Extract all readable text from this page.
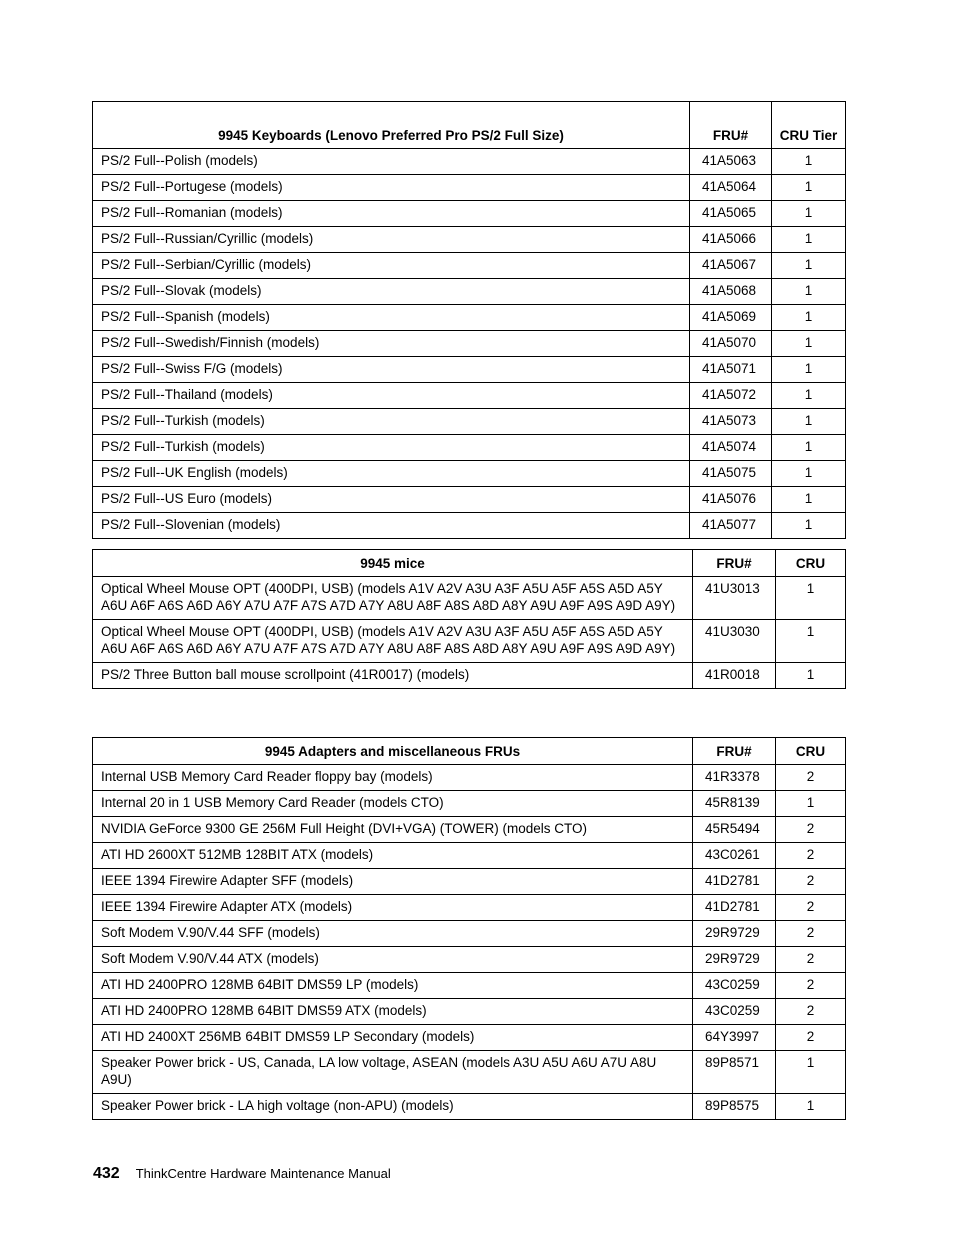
9945 Keyboards (Lenovo Preferred Pro PS/2 Full Size)	FRU#	CRU Tier
PS/2 Full--Polish (models)	41A5063	1
PS/2 Full--Portugese (models)	41A5064	1
PS/2 Full--Romanian (models)	41A5065	1
PS/2 Full--Russian/Cyrillic (models)	41A5066	1
PS/2 Full--Serbian/Cyrillic (models)	41A5067	1
PS/2 Full--Slovak (models)	41A5068	1
PS/2 Full--Spanish (models)	41A5069	1
PS/2 Full--Swedish/Finnish (models)	41A5070	1
PS/2 Full--Swiss F/G (models)	41A5071	1
PS/2 Full--Thailand (models)	41A5072	1
PS/2 Full--Turkish (models)	41A5073	1
PS/2 Full--Turkish (models)	41A5074	1
PS/2 Full--UK English (models)	41A5075	1
PS/2 Full--US Euro (models)	41A5076	1
PS/2 Full--Slovenian (models)	41A5077	1
9945 mice	FRU#	CRU
Optical Wheel Mouse OPT (400DPI, USB) (models A1V A2V A3U A3F A5U A5F A5S A5D A5Y A6U A6F A6S A6D A6Y A7U A7F A7S A7D A7Y A8U A8F A8S A8D A8Y A9U A9F A9S A9D A9Y)	41U3013	1
Optical Wheel Mouse OPT (400DPI, USB) (models A1V A2V A3U A3F A5U A5F A5S A5D A5Y A6U A6F A6S A6D A6Y A7U A7F A7S A7D A7Y A8U A8F A8S A8D A8Y A9U A9F A9S A9D A9Y)	41U3030	1
PS/2 Three Button ball mouse scrollpoint (41R0017) (models)	41R0018	1
9945 Adapters and miscellaneous FRUs	FRU#	CRU
Internal USB Memory Card Reader floppy bay (models)	41R3378	2
Internal 20 in 1 USB Memory Card Reader (models CTO)	45R8139	1
NVIDIA GeForce 9300 GE 256M Full Height (DVI+VGA) (TOWER) (models CTO)	45R5494	2
ATI HD 2600XT 512MB 128BIT ATX (models)	43C0261	2
IEEE 1394 Firewire Adapter SFF (models)	41D2781	2
IEEE 1394 Firewire Adapter ATX (models)	41D2781	2
Soft Modem V.90/V.44 SFF (models)	29R9729	2
Soft Modem V.90/V.44 ATX (models)	29R9729	2
ATI HD 2400PRO 128MB 64BIT DMS59 LP (models)	43C0259	2
ATI HD 2400PRO 128MB 64BIT DMS59 ATX (models)	43C0259	2
ATI HD 2400XT 256MB 64BIT DMS59 LP Secondary (models)	64Y3997	2
Speaker Power brick - US, Canada, LA low voltage, ASEAN (models A3U A5U A6U A7U A8U A9U)	89P8571	1
Speaker Power brick - LA high voltage (non-APU) (models)	89P8575	1
432 ThinkCentre Hardware Maintenance Manual
